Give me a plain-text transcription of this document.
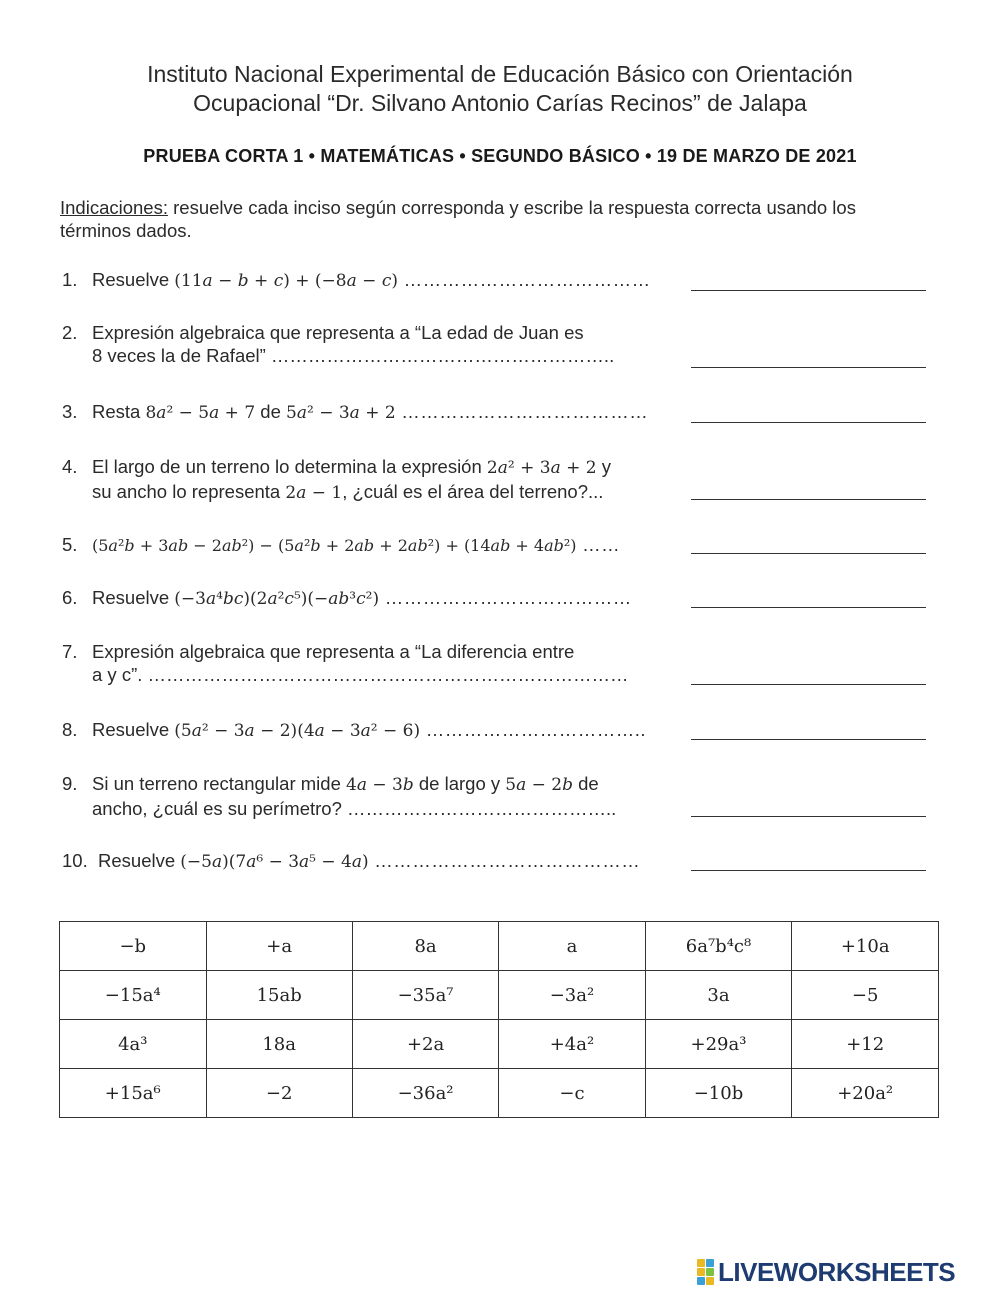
Instituto Nacional Experimental de Educación Básico con Orientación
Ocupacional “Dr. Silvano Antonio Carías Recinos” de Jalapa
PRUEBA CORTA 1 • MATEMÁTICAS • SEGUNDO BÁSICO • 19 DE MARZO DE 2021
Indicaciones: resuelve cada inciso según corresponda y escribe la respuesta correcta usando los términos dados.
1. Resuelve (11a − b + c) + (−8a − c) …………………………………
2. Expresión algebraica que representa a “La edad de Juan es
8 veces la de Rafael” ………………………………………………..
3. Resta 8a² − 5a + 7 de 5a² − 3a + 2 …………………………………
4. El largo de un terreno lo determina la expresión 2a² + 3a + 2 y
su ancho lo representa 2a − 1, ¿cuál es el área del terreno?...
5. (5a²b + 3ab − 2ab²) − (5a²b + 2ab + 2ab²) + (14ab + 4ab²) ……
6. Resuelve (−3a⁴bc)(2a²c⁵)(−ab³c²) …………………………………
7. Expresión algebraica que representa a “La diferencia entre
a y c”. ……………………………………………………………………
8. Resuelve (5a² − 3a − 2)(4a − 3a² − 6) ……………………………..
9. Si un terreno rectangular mide 4a − 3b de largo y 5a − 2b de
ancho, ¿cuál es su perímetro? ……………………………………..
10. Resuelve (−5a)(7a⁶ − 3a⁵ − 4a) ……………………………………
−b	+a	8a	a	6a⁷b⁴c⁸	+10a
−15a⁴	15ab	−35a⁷	−3a²	3a	−5
4a³	18a	+2a	+4a²	+29a³	+12
+15a⁶	−2	−36a²	−c	−10b	+20a²
LIVEWORKSHEETS
